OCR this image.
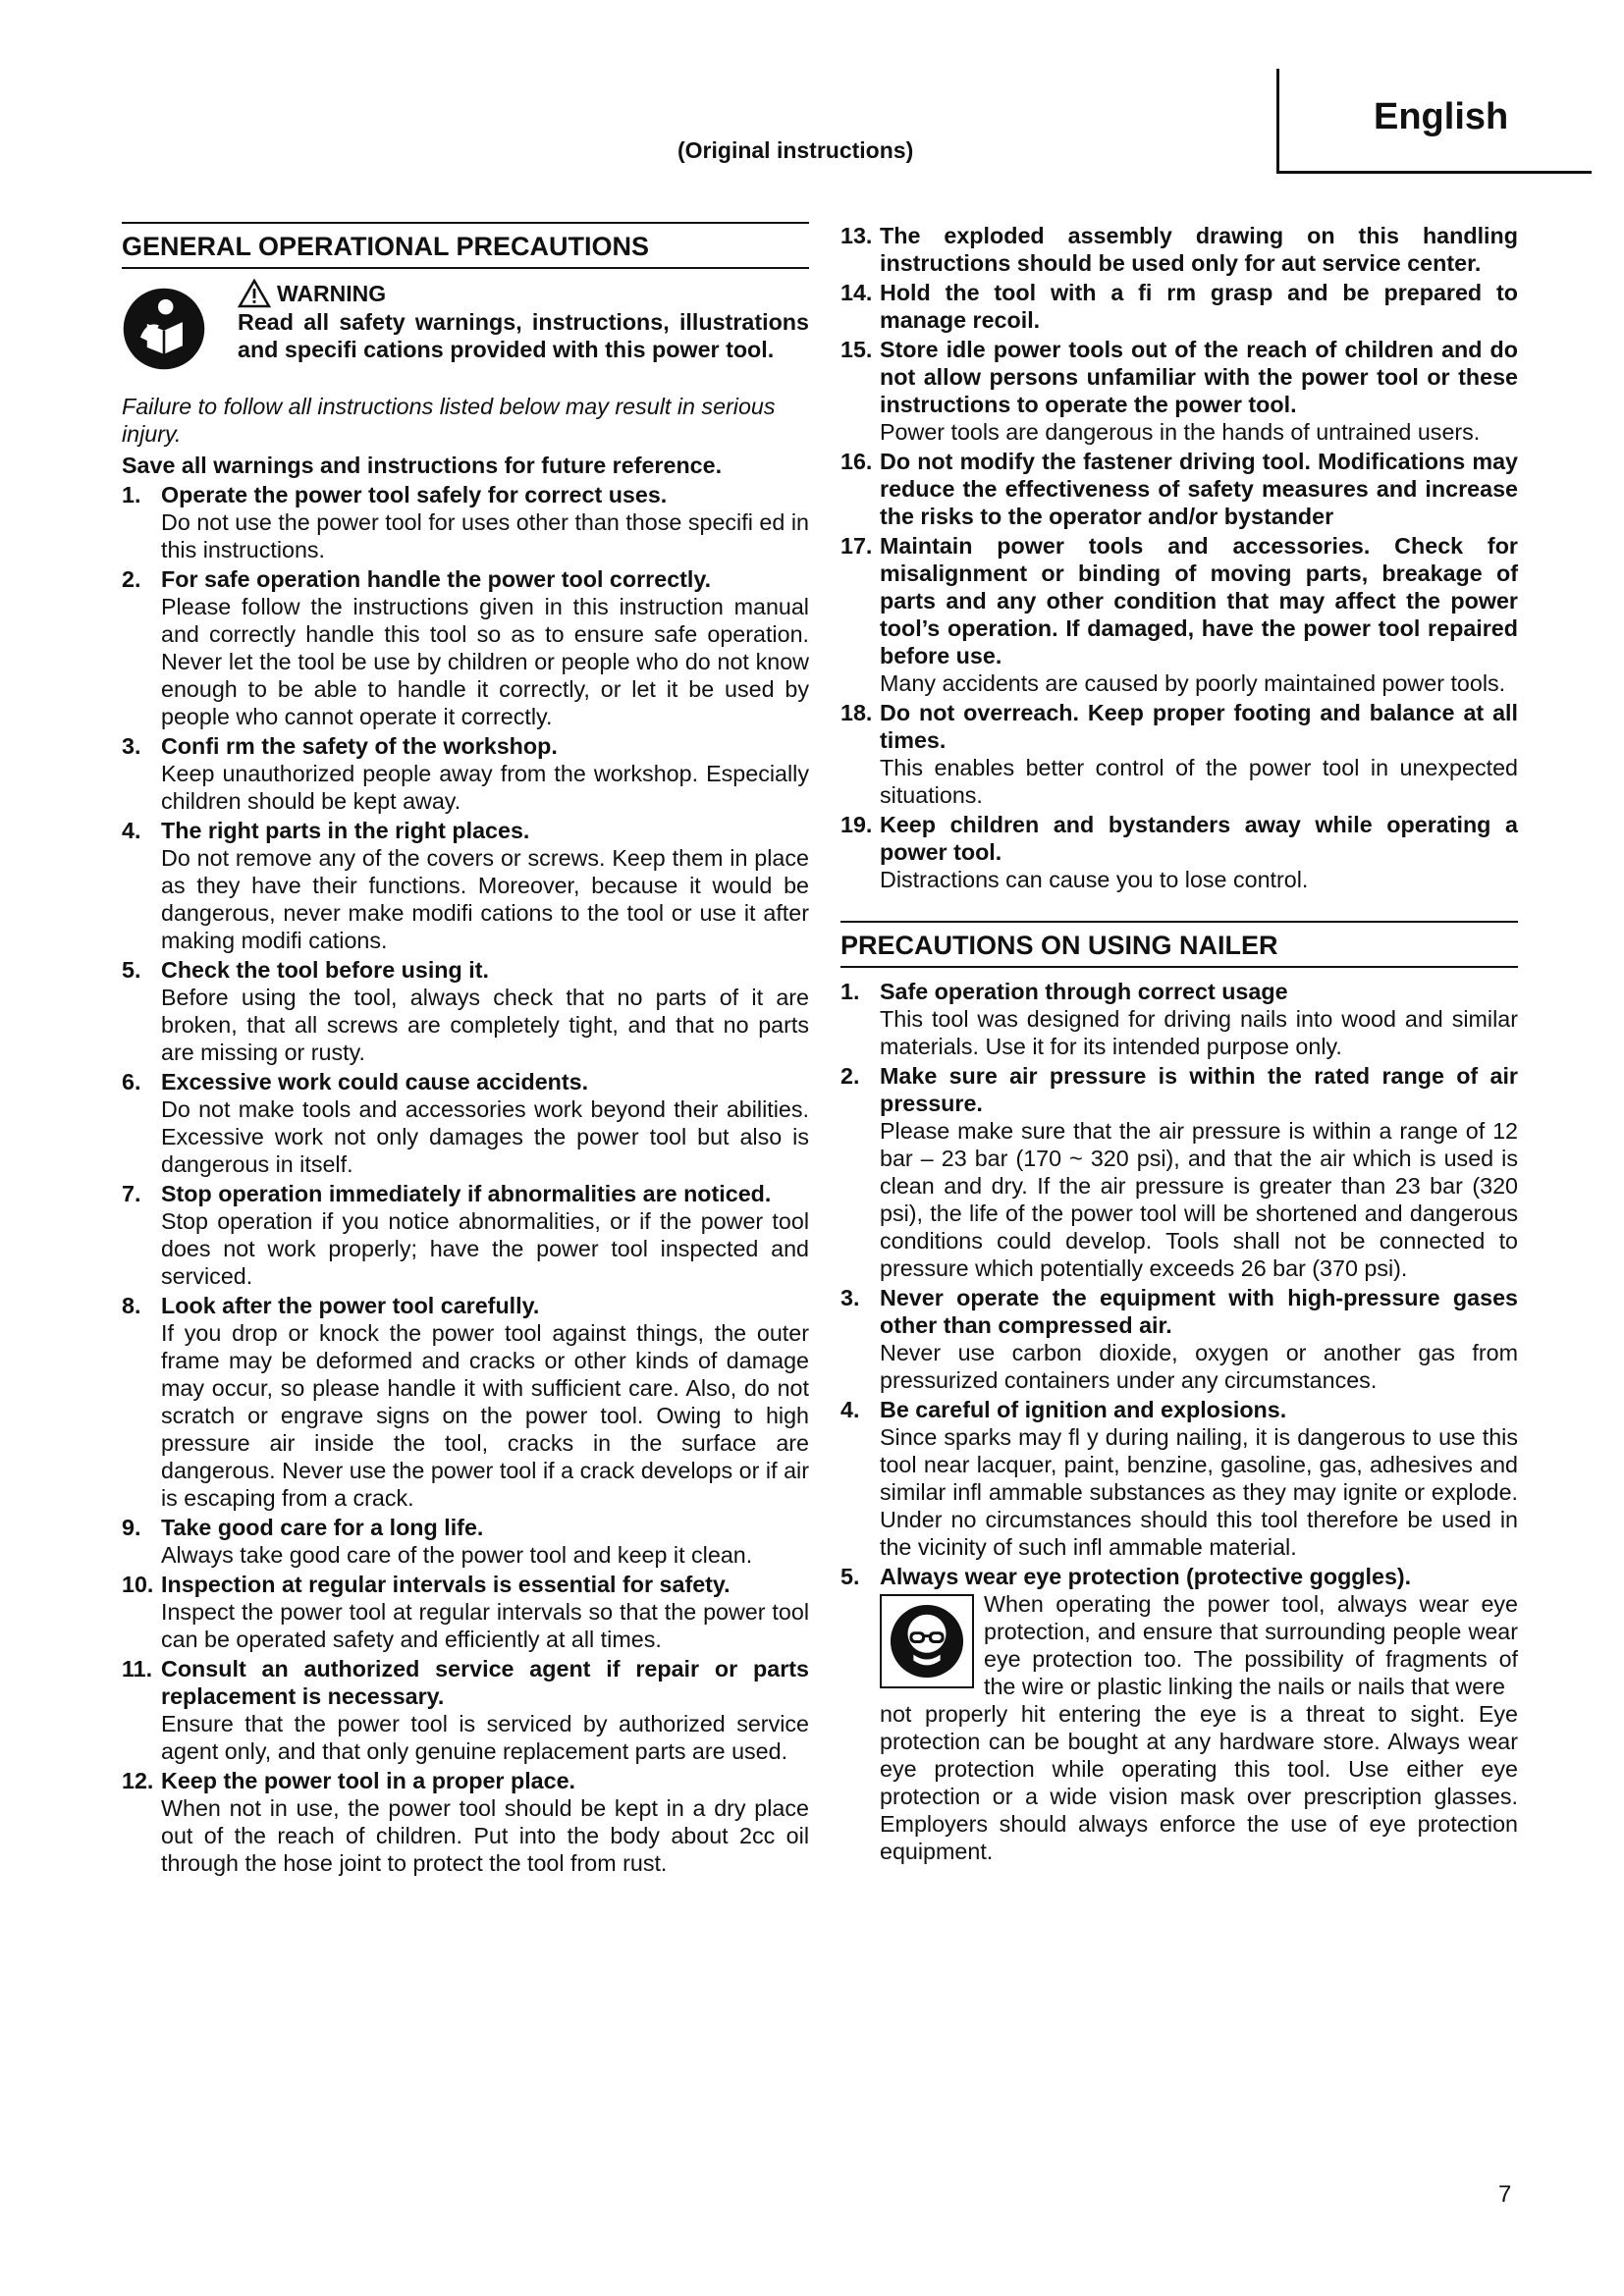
English
(Original instructions)
GENERAL OPERATIONAL PRECAUTIONS
WARNING
Read all safety warnings, instructions, illustrations and specifi cations provided with this power tool.
Failure to follow all instructions listed below may result in serious injury.
Save all warnings and instructions for future reference.
1. Operate the power tool safely for correct uses.
Do not use the power tool for uses other than those specifi ed in this instructions.
2. For safe operation handle the power tool correctly.
Please follow the instructions given in this instruction manual and correctly handle this tool so as to ensure safe operation. Never let the tool be use by children or people who do not know enough to be able to handle it correctly, or let it be used by people who cannot operate it correctly.
3. Confi rm the safety of the workshop.
Keep unauthorized people away from the workshop. Especially children should be kept away.
4. The right parts in the right places.
Do not remove any of the covers or screws. Keep them in place as they have their functions. Moreover, because it would be dangerous, never make modifi cations to the tool or use it after making modifi cations.
5. Check the tool before using it.
Before using the tool, always check that no parts of it are broken, that all screws are completely tight, and that no parts are missing or rusty.
6. Excessive work could cause accidents.
Do not make tools and accessories work beyond their abilities. Excessive work not only damages the power tool but also is dangerous in itself.
7. Stop operation immediately if abnormalities are noticed.
Stop operation if you notice abnormalities, or if the power tool does not work properly; have the power tool inspected and serviced.
8. Look after the power tool carefully.
If you drop or knock the power tool against things, the outer frame may be deformed and cracks or other kinds of damage may occur, so please handle it with sufficient care. Also, do not scratch or engrave signs on the power tool. Owing to high pressure air inside the tool, cracks in the surface are dangerous. Never use the power tool if a crack develops or if air is escaping from a crack.
9. Take good care for a long life.
Always take good care of the power tool and keep it clean.
10. Inspection at regular intervals is essential for safety.
Inspect the power tool at regular intervals so that the power tool can be operated safety and efficiently at all times.
11. Consult an authorized service agent if repair or parts replacement is necessary.
Ensure that the power tool is serviced by authorized service agent only, and that only genuine replacement parts are used.
12. Keep the power tool in a proper place.
When not in use, the power tool should be kept in a dry place out of the reach of children. Put into the body about 2cc oil through the hose joint to protect the tool from rust.
13. The exploded assembly drawing on this handling instructions should be used only for aut service center.
14. Hold the tool with a fi rm grasp and be prepared to manage recoil.
15. Store idle power tools out of the reach of children and do not allow persons unfamiliar with the power tool or these instructions to operate the power tool.
Power tools are dangerous in the hands of untrained users.
16. Do not modify the fastener driving tool. Modifications may reduce the effectiveness of safety measures and increase the risks to the operator and/or bystander
17. Maintain power tools and accessories. Check for misalignment or binding of moving parts, breakage of parts and any other condition that may affect the power tool’s operation. If damaged, have the power tool repaired before use.
Many accidents are caused by poorly maintained power tools.
18. Do not overreach. Keep proper footing and balance at all times.
This enables better control of the power tool in unexpected situations.
19. Keep children and bystanders away while operating a power tool.
Distractions can cause you to lose control.
PRECAUTIONS ON USING NAILER
1. Safe operation through correct usage
This tool was designed for driving nails into wood and similar materials. Use it for its intended purpose only.
2. Make sure air pressure is within the rated range of air pressure.
Please make sure that the air pressure is within a range of 12 bar – 23 bar (170 ~ 320 psi), and that the air which is used is clean and dry. If the air pressure is greater than 23 bar (320 psi), the life of the power tool will be shortened and dangerous conditions could develop. Tools shall not be connected to pressure which potentially exceeds 26 bar (370 psi).
3. Never operate the equipment with high-pressure gases other than compressed air.
Never use carbon dioxide, oxygen or another gas from pressurized containers under any circumstances.
4. Be careful of ignition and explosions.
Since sparks may fl y during nailing, it is dangerous to use this tool near lacquer, paint, benzine, gasoline, gas, adhesives and similar infl ammable substances as they may ignite or explode. Under no circumstances should this tool therefore be used in the vicinity of such infl ammable material.
5. Always wear eye protection (protective goggles).
When operating the power tool, always wear eye protection, and ensure that surrounding people wear eye protection too. The possibility of fragments of the wire or plastic linking the nails or nails that were
not properly hit entering the eye is a threat to sight. Eye protection can be bought at any hardware store. Always wear eye protection while operating this tool. Use either eye protection or a wide vision mask over prescription glasses. Employers should always enforce the use of eye protection equipment.
7
